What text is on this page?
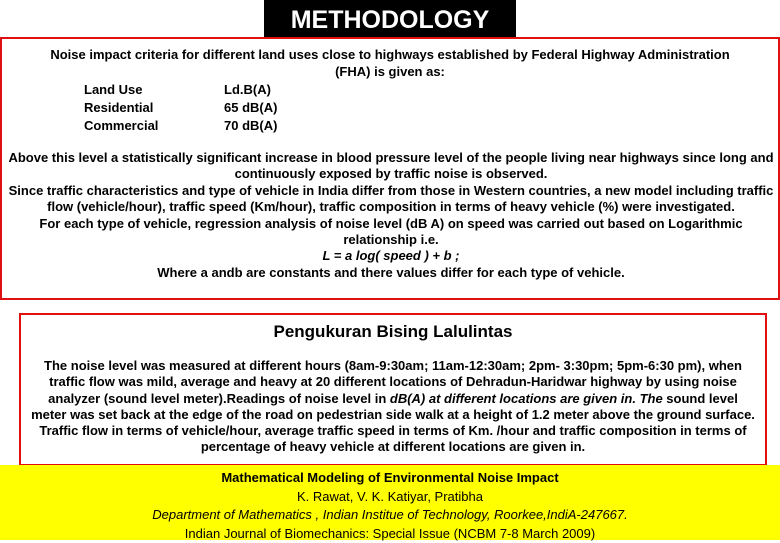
METHODOLOGY
Noise impact criteria for different land uses close to highways established by Federal Highway Administration
(FHA) is given as:
Land Use
Residential
Commercial
Ld.B(A)
65 dB(A)
70 dB(A)
Above this level a statistically significant increase in blood pressure level of the people living near highways since long and continuously exposed by traffic noise is observed.
Since traffic characteristics and type of vehicle in India differ from those in Western countries, a new model including traffic flow (vehicle/hour), traffic speed (Km/hour), traffic composition in terms of heavy vehicle (%) were investigated.
For each type of vehicle, regression analysis of noise level (dB A) on speed was carried out based on Logarithmic relationship i.e.
L = a log( speed ) + b ;
Where a andb are constants and there values differ for each type of vehicle.
Pengukuran Bising Lalulintas
The noise level was measured at different hours (8am-9:30am; 11am-12:30am; 2pm- 3:30pm; 5pm-6:30 pm), when traffic flow was mild, average and heavy at 20 different locations of Dehradun-Haridwar highway by using noise analyzer (sound level meter).Readings of noise level in dB(A) at different locations are given in. The sound level meter was set back at the edge of the road on pedestrian side walk at a height of 1.2 meter above the ground surface. Traffic flow in terms of vehicle/hour, average traffic speed in terms of Km. /hour and traffic composition in terms of percentage of heavy vehicle at different locations are given in.
Mathematical Modeling of Environmental Noise Impact
K. Rawat, V. K. Katiyar, Pratibha
Department of Mathematics , Indian Institue of Technology, Roorkee,IndiА-247667.
Indian Journal of Biomechanics: Special Issue (NCBM 7-8 March 2009)
